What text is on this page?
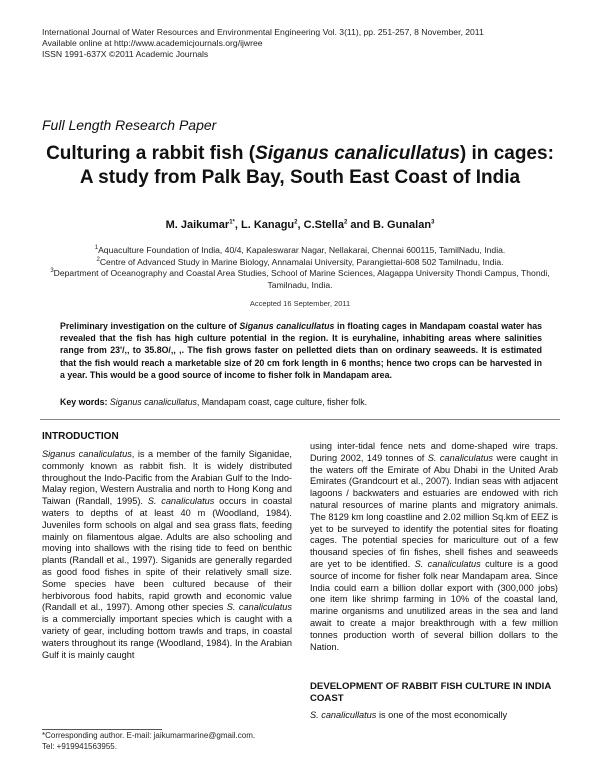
International Journal of Water Resources and Environmental Engineering Vol. 3(11), pp. 251-257, 8 November, 2011
Available online at http://www.academicjournals.org/ijwree
ISSN 1991-637X ©2011 Academic Journals
Full Length Research Paper
Culturing a rabbit fish (Siganus canalicullatus) in cages: A study from Palk Bay, South East Coast of India
M. Jaikumar$^{1*}$, L. Kanagu$^2$, C.Stella$^2$ and B. Gunalan$^3$
$^1$Aquaculture Foundation of India, 40/4, Kapaleswarar Nagar, Nellakarai, Chennai 600115, TamilNadu, India.
$^2$Centre of Advanced Study in Marine Biology, Annamalai University, Parangiettai-608 502 Tamilnadu, India.
$^3$Department of Oceanography and Coastal Area Studies, School of Marine Sciences, Alagappa University Thondi Campus, Thondi, Tamilnadu, India.
Accepted 16 September, 2011
Preliminary investigation on the culture of Siganus canalicullatus in floating cages in Mandapam coastal water has revealed that the fish has high culture potential in the region. It is euryhaline, inhabiting areas where salinities range from 23'/‚‚ to 35.8O/‚‚ ,. The fish grows faster on pelletted diets than on ordinary seaweeds. It is estimated that the fish would reach a marketable size of 20 cm fork length in 6 months; hence two crops can be harvested in a year. This would be a good source of income to fisher folk in Mandapam area.
Key words: Siganus canalicullatus, Mandapam coast, cage culture, fisher folk.
INTRODUCTION
Siganus canaliculatus, is a member of the family Siganidae, commonly known as rabbit fish. It is widely distributed throughout the Indo-Pacific from the Arabian Gulf to the Indo-Malay region, Western Australia and north to Hong Kong and Taiwan (Randall, 1995). S. canaliculatus occurs in coastal waters to depths of at least 40 m (Woodland, 1984). Juveniles form schools on algal and sea grass flats, feeding mainly on filamentous algae. Adults are also schooling and moving into shallows with the rising tide to feed on benthic plants (Randall et al., 1997). Siganids are generally regarded as good food fishes in spite of their relatively small size. Some species have been cultured because of their herbivorous food habits, rapid growth and economic value (Randall et al., 1997). Among other species S. canaliculatus is a commercially important species which is caught with a variety of gear, including bottom trawls and traps, in coastal waters throughout its range (Woodland, 1984). In the Arabian Gulf it is mainly caught
using inter-tidal fence nets and dome-shaped wire traps. During 2002, 149 tonnes of S. canaliculatus were caught in the waters off the Emirate of Abu Dhabi in the United Arab Emirates (Grandcourt et al., 2007). Indian seas with adjacent lagoons / backwaters and estuaries are endowed with rich natural resources of marine plants and migratory animals. The 8129 km long coastline and 2.02 million Sq.km of EEZ is yet to be surveyed to identify the potential sites for floating cages. The potential species for mariculture out of a few thousand species of fin fishes, shell fishes and seaweeds are yet to be identified. S. canaliculatus culture is a good source of income for fisher folk near Mandapam area. Since India could earn a billion dollar export with (300,000 jobs) one item like shrimp farming in 10% of the coastal land, marine organisms and unutilized areas in the sea and land await to create a major breakthrough with a few million tonnes production worth of several billion dollars to the Nation.
DEVELOPMENT OF RABBIT FISH CULTURE IN INDIA COAST
S. canalicullatus is one of the most economically
*Corresponding author. E-mail: jaikumarmarine@gmail.com.
Tel: +919941563955.
